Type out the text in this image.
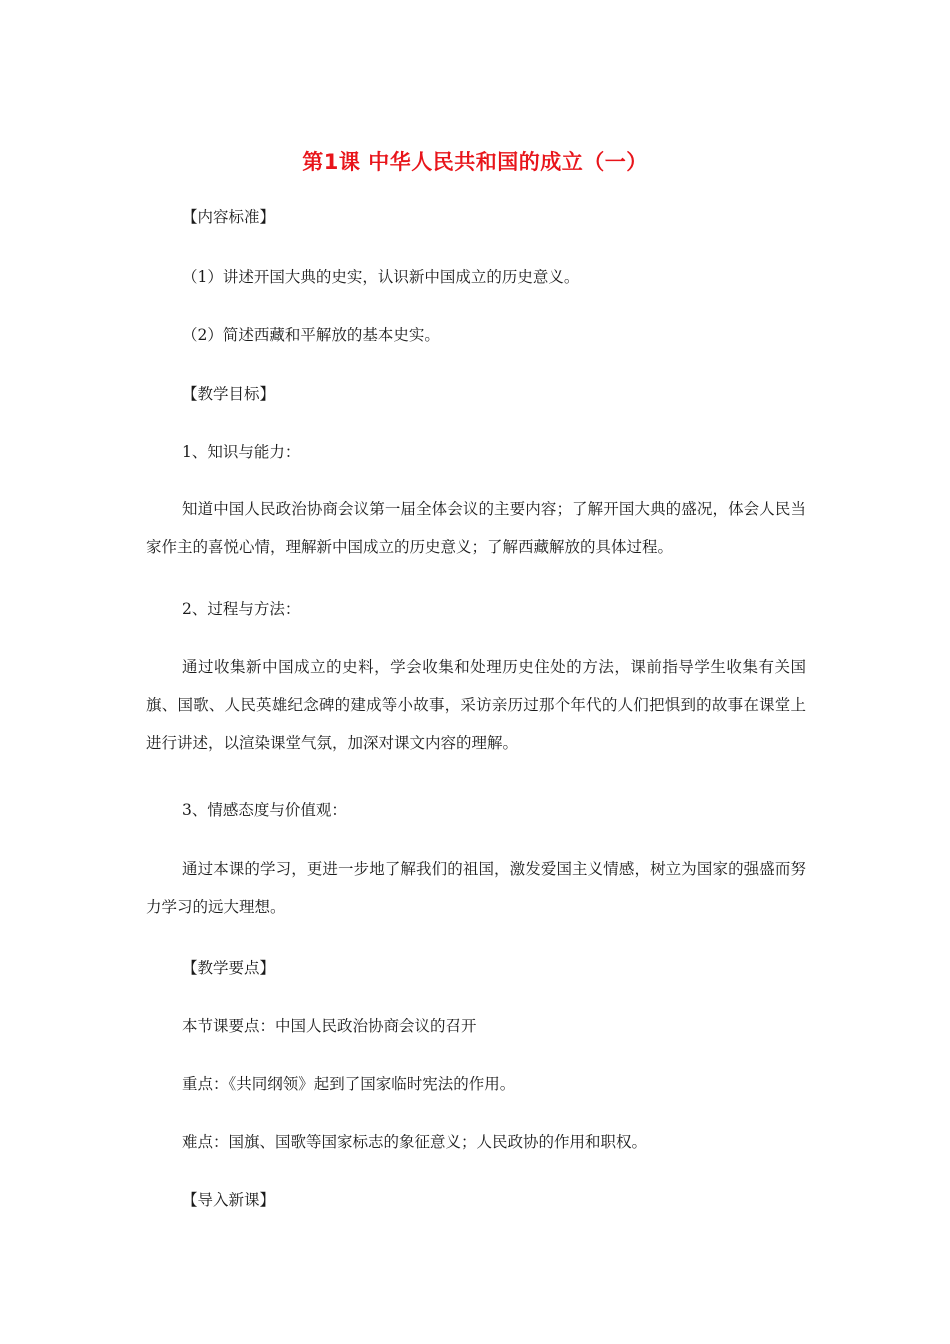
第1课 中华人民共和国的成立（一）
【内容标准】
（1）讲述开国大典的史实，认识新中国成立的历史意义。
（2）简述西藏和平解放的基本史实。
【教学目标】
1、知识与能力：
知道中国人民政治协商会议第一届全体会议的主要内容；了解开国大典的盛况，体会人民当家作主的喜悦心情，理解新中国成立的历史意义；了解西藏解放的具体过程。
2、过程与方法：
通过收集新中国成立的史料，学会收集和处理历史住处的方法，课前指导学生收集有关国旗、国歌、人民英雄纪念碑的建成等小故事，采访亲历过那个年代的人们把惧到的故事在课堂上进行讲述，以渲染课堂气氛，加深对课文内容的理解。
3、情感态度与价值观：
通过本课的学习，更进一步地了解我们的祖国，激发爱国主义情感，树立为国家的强盛而努力学习的远大理想。
【教学要点】
本节课要点：中国人民政治协商会议的召开
重点：《共同纲领》起到了国家临时宪法的作用。
难点：国旗、国歌等国家标志的象征意义；人民政协的作用和职权。
【导入新课】
